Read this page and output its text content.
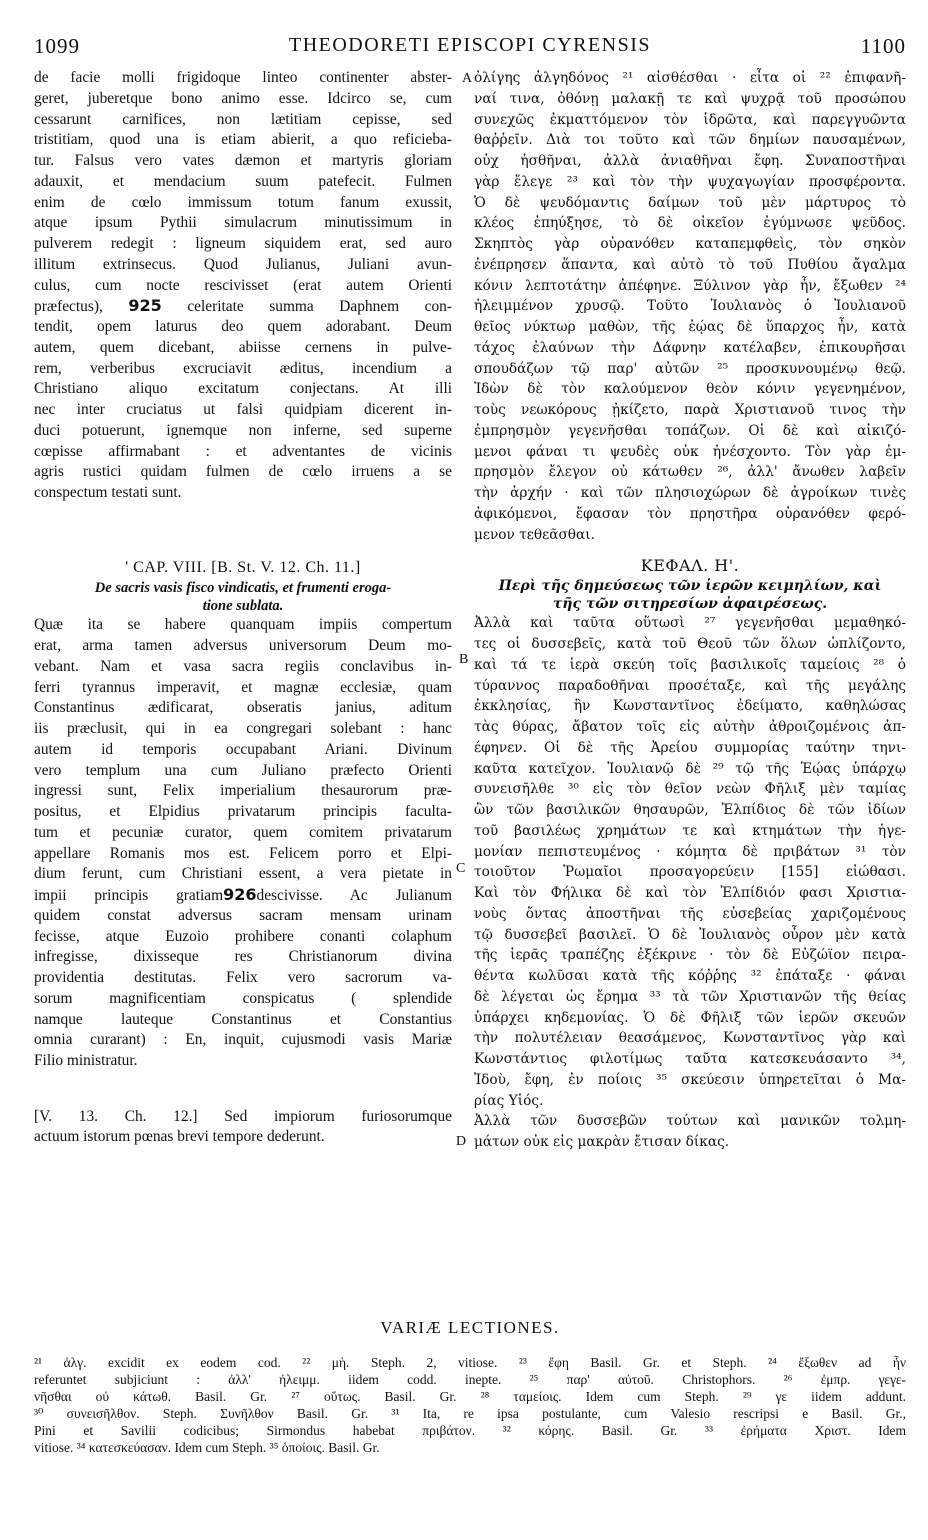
1099	THEODORETI EPISCOPI CYRENSIS	1100
A
B
C
D
de facie molli frigidoque linteo continenter abster-
geret, juberetque bono animo esse. Idcirco se, cum
cessarunt carnifices, non lætitiam cepisse, sed
tristitiam, quod una is etiam abierit, a quo reficieba-
tur. Falsus vero vates dæmon et martyris gloriam
adauxit, et mendacium suum patefecit. Fulmen
enim de cœlo immissum totum fanum exussit,
atque ipsum Pythii simulacrum minutissimum in
pulverem redegit : ligneum siquidem erat, sed auro
illitum extrinsecus. Quod Julianus, Juliani avun-
culus, cum nocte rescivisset (erat autem Orienti
præfectus), 925 celeritate summa Daphnem con-
tendit, opem laturus deo quem adorabant. Deum
autem, quem dicebant, abiisse cernens in pulve-
rem, verberibus excruciavit æditus, incendium a
Christiano aliquo excitatum conjectans. At illi
nec inter cruciatus ut falsi quidpiam dicerent in-
duci potuerunt, ignemque non inferne, sed superne
cœpisse affirmabant : et adventantes de vicinis
agris rustici quidam fulmen de cœlo irruens a se
conspectum testati sunt.
' CAP. VIII. [B. St. V. 12. Ch. 11.]
De sacris vasis fisco vindicatis, et frumenti eroga-
tione sublata.
Quæ ita se habere quanquam impiis compertum
erat, arma tamen adversus universorum Deum mo-
vebant. Nam et vasa sacra regiis conclavibus in-
ferri tyrannus imperavit, et magnæ ecclesiæ, quam
Constantinus ædificarat, obseratis janius, aditum
iis præclusit, qui in ea congregari solebant : hanc
autem id temporis occupabant Ariani. Divinum
vero templum una cum Juliano præfecto Orienti
ingressi sunt, Felix imperialium thesaurorum præ-
positus, et Elpidius privatarum principis faculta-
tum et pecuniæ curator, quem comitem privatarum
appellare Romanis mos est. Felicem porro et Elpi-
dium ferunt, cum Christiani essent, a vera pietate in
impii principis gratiam926descivisse. Ac Julianum
quidem constat adversus sacram mensam urinam
fecisse, atque Euzoio prohibere conanti colaphum
infregisse, dixisseque res Christianorum divina
providentia destitutas. Felix vero sacrorum va-
sorum magnificentiam conspicatus ( splendide
namque lauteque Constantinus et Constantius
omnia curarant) : En, inquit, cujusmodi vasis Mariæ
Filio ministratur.
[V. 13. Ch. 12.] Sed impiorum furiosorumque
actuum istorum pœnas brevi tempore dederunt.
ὀλίγης ἀλγηδόνος ²¹ αἰσθέσθαι · εἶτα οἱ ²² ἐπιφανῆ-
ναί τινα, ὀθόνῃ μαλακῇ τε καὶ ψυχρᾷ τοῦ προσώπου
συνεχῶς ἐκματτόμενον τὸν ἱδρῶτα, καὶ παρεγγυῶντα
θαῤῥεῖν. Διὰ τοι τοῦτο καὶ τῶν δημίων παυσαμένων,
οὐχ ἡσθῆναι, ἀλλὰ ἀνιαθῆναι ἔφη. Συναποστῆναι
γὰρ ἔλεγε ²³ καὶ τὸν τὴν ψυχαγωγίαν προσφέροντα.
Ὁ δὲ ψευδόμαντις δαίμων τοῦ μὲν μάρτυρος τὸ
κλέος ἐπηύξησε, τὸ δὲ οἰκεῖον ἐγύμνωσε ψεῦδος.
Σκηπτὸς γὰρ οὐρανόθεν καταπεμφθεὶς, τὸν σηκὸν
ἐνέπρησεν ἅπαντα, καὶ αὐτὸ τὸ τοῦ Πυθίου ἄγαλμα
κόνιν λεπτοτάτην ἀπέφηνε. Ξύλινον γὰρ ἦν, ἔξωθεν ²⁴
ἠλειμμένον χρυσῷ. Τοῦτο Ἰουλιανὸς ὁ Ἰουλιανοῦ
θεῖος νύκτωρ μαθὼν, τῆς ἑῴας δὲ ὕπαρχος ἦν, κατὰ
τάχος ἐλαύνων τὴν Δάφνην κατέλαβεν, ἐπικουρῆσαι
σπουδάζων τῷ παρ' αὐτῶν ²⁵ προσκυνουμένῳ θεῷ.
Ἰδὼν δὲ τὸν καλούμενον θεὸν κόνιν γεγενημένον,
τοὺς νεωκόρους ᾐκίζετο, παρὰ Χριστιανοῦ τινος τὴν
ἐμπρησμὸν γεγενῆσθαι τοπάζων. Οἱ δὲ καὶ αἰκιζό-
μενοι φάναι τι ψευδὲς οὐκ ἠνέσχοντο. Τὸν γὰρ ἐμ-
πρησμὸν ἔλεγον οὐ κάτωθεν ²⁶, ἀλλ' ἄνωθεν λαβεῖν
τὴν ἀρχήν · καὶ τῶν πλησιοχώρων δὲ ἀγροίκων τινὲς
ἀφικόμενοι, ἔφασαν τὸν πρηστῆρα οὐρανόθεν φερό-
μενον τεθεᾶσθαι.
ΚΕΦΑΛ. Η'.
Περὶ τῆς δημεύσεως τῶν ἱερῶν κειμηλίων, καὶ
τῆς τῶν σιτηρεσίων ἀφαιρέσεως.
Ἀλλὰ καὶ ταῦτα οὕτωσὶ ²⁷ γεγενῆσθαι μεμαθηκό-
τες οἱ δυσσεβεῖς, κατὰ τοῦ Θεοῦ τῶν ὅλων ὡπλίζοντο,
καὶ τά τε ἱερὰ σκεύη τοῖς βασιλικοῖς ταμείοις ²⁸ ὁ
τύραννος παραδοθῆναι προσέταξε, καὶ τῆς μεγάλης
ἐκκλησίας, ἣν Κωνσταντῖνος ἐδείματο, καθηλώσας
τὰς θύρας, ἄβατον τοῖς εἰς αὐτὴν ἀθροιζομένοις ἀπ-
έφηνεν. Οἱ δὲ τῆς Ἀρείου συμμορίας ταύτην τηνι-
καῦτα κατεῖχον. Ἰουλιανῷ δὲ ²⁹ τῷ τῆς Ἑῴας ὑπάρχῳ
συνεισῆλθε ³⁰ εἰς τὸν θεῖον νεὼν Φῆλιξ μὲν ταμίας
ὢν τῶν βασιλικῶν θησαυρῶν, Ἐλπίδιος δὲ τῶν ἰδίων
τοῦ βασιλέως χρημάτων τε καὶ κτημάτων τὴν ἡγε-
μονίαν πεπιστευμένος · κόμητα δὲ πριβάτων ³¹ τὸν
τοιοῦτον Ῥωμαῖοι προσαγορεύειν [155] εἰώθασι.
Καὶ τὸν Φήλικα δὲ καὶ τὸν Ἐλπίδιόν φασι Χριστια-
νοὺς ὄντας ἀποστῆναι τῆς εὐσεβείας χαριζομένους
τῷ δυσσεβεῖ βασιλεῖ. Ὁ δὲ Ἰουλιανὸς οὖρον μὲν κατὰ
τῆς ἱερᾶς τραπέζης ἐξέκρινε · τὸν δὲ Εὐζώϊον πειρα-
θέντα κωλῦσαι κατὰ τῆς κόῤῥης ³² ἐπάταξε · φάναι
δὲ λέγεται ὡς ἔρημα ³³ τὰ τῶν Χριστιανῶν τῆς θείας
ὑπάρχει κηδεμονίας. Ὁ δὲ Φῆλιξ τῶν ἱερῶν σκευῶν
τὴν πολυτέλειαν θεασάμενος, Κωνσταντῖνος γὰρ καὶ
Κωνστάντιος φιλοτίμως ταῦτα κατεσκευάσαντο ³⁴,
Ἰδοὺ, ἔφη, ἐν ποίοις ³⁵ σκεύεσιν ὑπηρετεῖται ὁ Μα-
ρίας Υἱός.
Ἀλλὰ τῶν δυσσεβῶν τούτων καὶ μανικῶν τολμη-
μάτων οὐκ εἰς μακρὰν ἔτισαν δίκας.
VARIÆ LECTIONES.
²¹ ἀλγ. excidit ex eodem cod. ²² μὴ. Steph. 2, vitiose. ²³ ἔφη Basil. Gr. et Steph. ²⁴ ἔξωθεν ad ἦν
referuntet subjiciunt : ἀλλ' ἠλειμμ. iidem codd. inepte. ²⁵ παρ' αὐτοῦ. Christophors. ²⁶ ἐμπρ. γεγε-
νῆσθαι οὐ κάτωθ. Basil. Gr. ²⁷ οὕτως. Basil. Gr. ²⁸ ταμείοις. Idem cum Steph. ²⁹ γε iidem addunt.
³⁰ συνεισῆλθον. Steph. Συνῆλθον Basil. Gr. ³¹ Ita, re ipsa postulante, cum Valesio rescripsi e Basil. Gr.,
Pini et Savilii codicibus; Sirmondus habebat πριβάτον. ³² κόρης. Basil. Gr. ³³ ἐρήματα Χριστ. Idem
vitiose. ³⁴ κατεσκεύασαν. Idem cum Steph. ³⁵ ὁποίοις. Basil. Gr.
